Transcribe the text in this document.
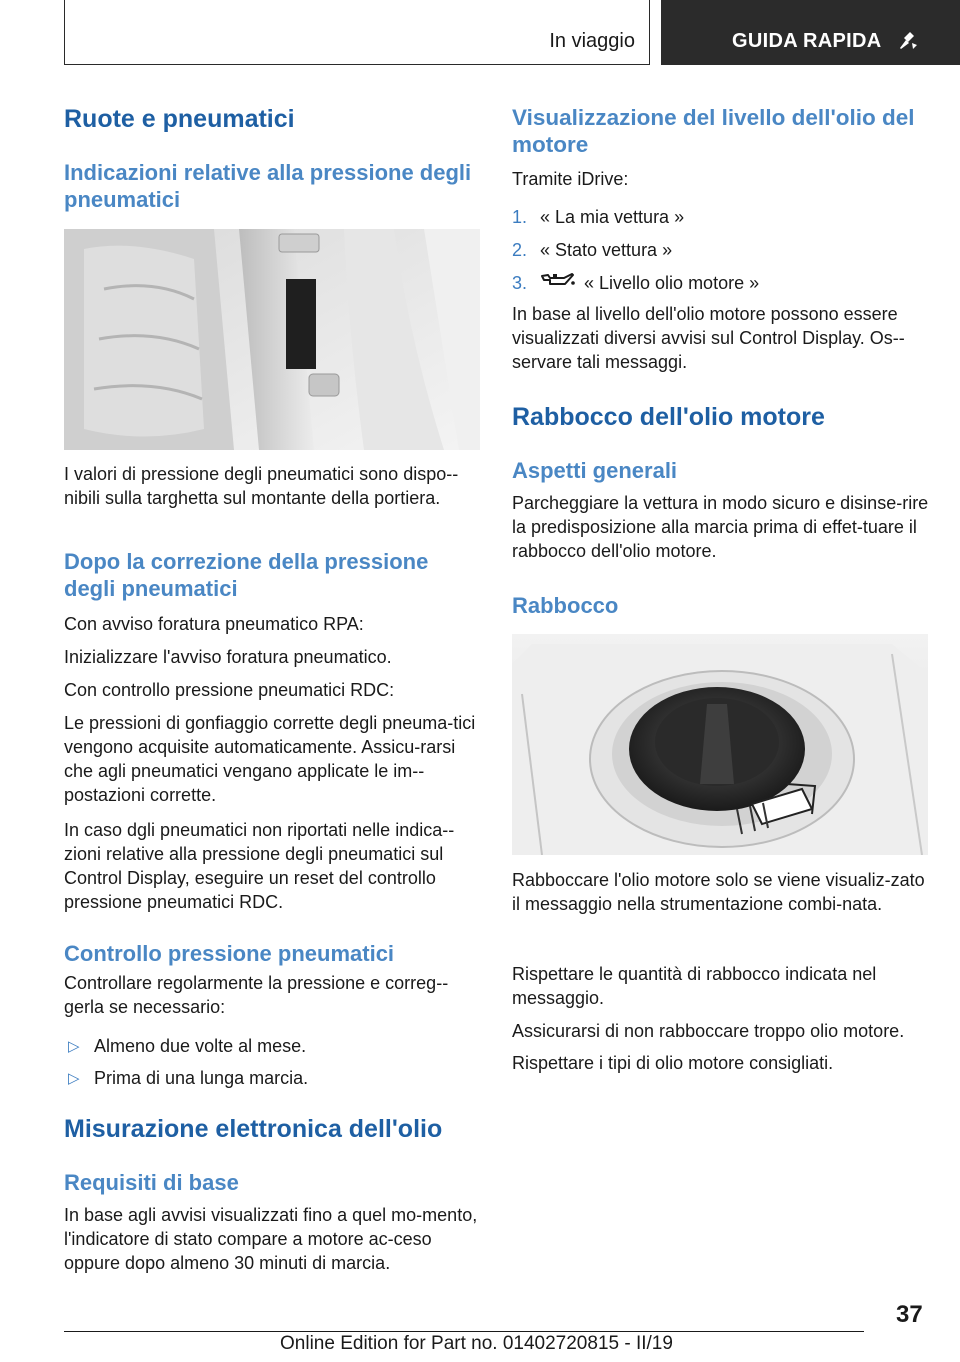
In viaggio	GUIDA RAPIDA
Ruote e pneumatici
Indicazioni relative alla pressione degli pneumatici

I valori di pressione degli pneumatici sono dispo-nibili sulla targhetta sul montante della portiera.

Dopo la correzione della pressione degli pneumatici

Con avviso foratura pneumatico RPA:

Inizializzare l'avviso foratura pneumatico.

Con controllo pressione pneumatici RDC:

Le pressioni di gonfiaggio corrette degli pneuma-tici vengono acquisite automaticamente. Assicu-rarsi che agli pneumatici vengano applicate le im-postazioni corrette.

In caso dgli pneumatici non riportati nelle indica-zioni relative alla pressione degli pneumatici sul Control Display, eseguire un reset del controllo pressione pneumatici RDC.

Controllo pressione pneumatici

Controllare regolarmente la pressione e correg-gerla se necessario:

▷ Almeno due volte al mese.
▷ Prima di una lunga marcia.
Misurazione elettronica dell'olio
Requisiti di base

In base agli avvisi visualizzati fino a quel mo-mento, l'indicatore di stato compare a motore ac-ceso oppure dopo almeno 30 minuti di marcia.

Visualizzazione del livello dell'olio del motore

Tramite iDrive:

1. « La mia vettura »
2. « Stato vettura »
3.	« Livello olio motore »

In base al livello dell'olio motore possono essere visualizzati diversi avvisi sul Control Display. Os-servare tali messaggi.

Rabbocco dell'olio motore
Aspetti generali

Parcheggiare la vettura in modo sicuro e disinse-rire la predisposizione alla marcia prima di effet-tuare il rabbocco dell'olio motore.

Rabbocco

Rabboccare l'olio motore solo se viene visualiz-zato il messaggio nella strumentazione combi-nata.

Rispettare le quantità di rabbocco indicata nel messaggio.

Assicurarsi di non rabboccare troppo olio motore.

Rispettare i tipi di olio motore consigliati.

37
Online Edition for Part no. 01402720815 - II/19
